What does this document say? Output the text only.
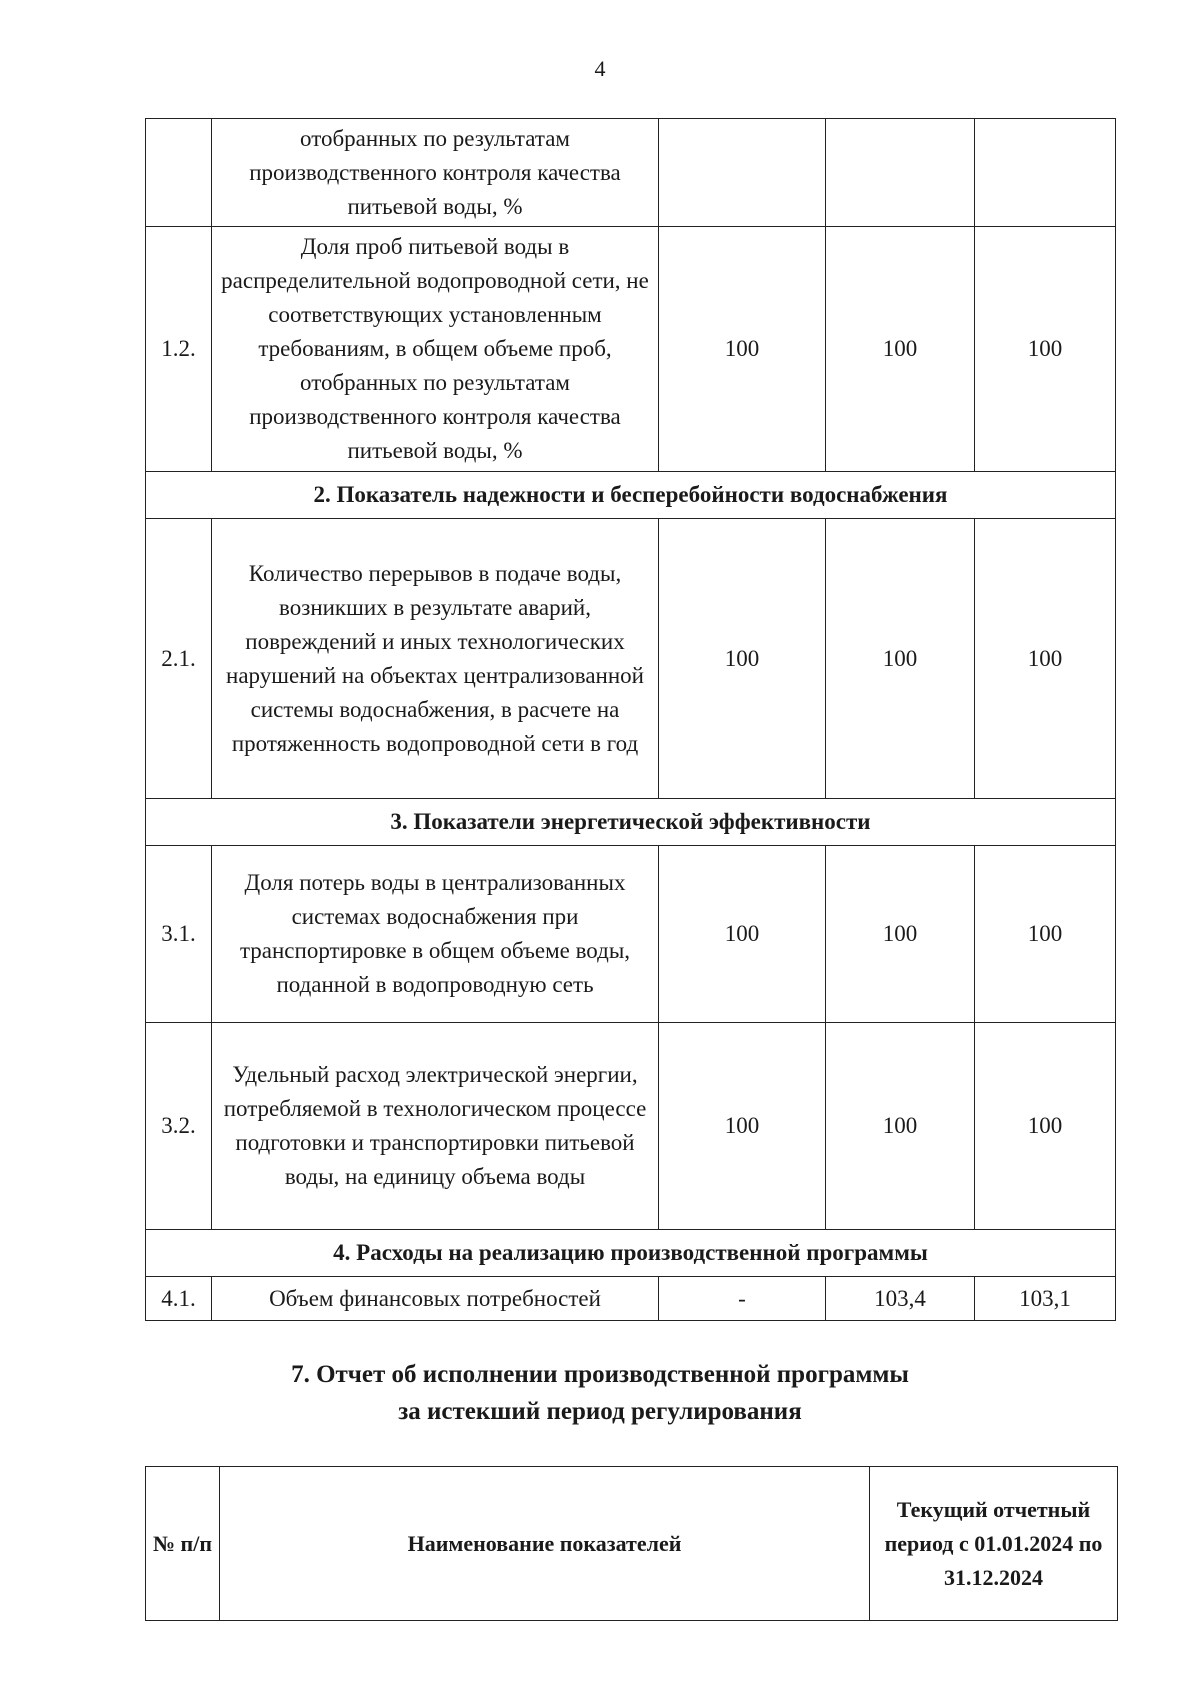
4
	отобранных по результатам производственного контроля качества питьевой воды, %			
1.2.	Доля проб питьевой воды в распределительной водопроводной сети, не соответствующих установленным требованиям, в общем объеме проб, отобранных по результатам производственного контроля качества питьевой воды, %	100	100	100
2. Показатель надежности и бесперебойности водоснабжения				
2.1.	Количество перерывов в подаче воды, возникших в результате аварий, повреждений и иных технологических нарушений на объектах централизованной системы водоснабжения, в расчете на протяженность водопроводной сети в год	100	100	100
3. Показатели энергетической эффективности				
3.1.	Доля потерь воды в централизованных системах водоснабжения при транспортировке в общем объеме воды, поданной в водопроводную сеть	100	100	100
3.2.	Удельный расход электрической энергии, потребляемой в технологическом процессе подготовки и транспортировки питьевой воды, на единицу объема воды	100	100	100
4. Расходы на реализацию производственной программы				
4.1.	Объем финансовых потребностей	-	103,4	103,1
7. Отчет об исполнении производственной программы
за истекший период регулирования
№ п/п	Наименование показателей	Текущий отчетный период с 01.01.2024 по 31.12.2024
